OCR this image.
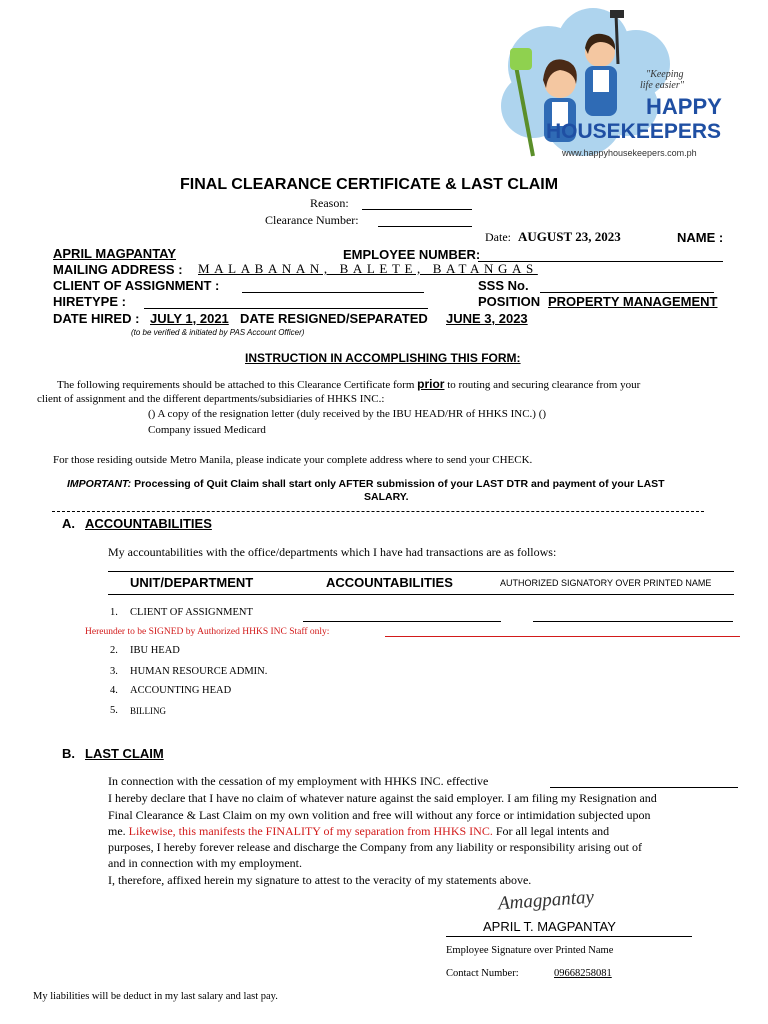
"Keeping
life easier"
HAPPY
HOUSEKEEPERS
www.happyhousekeepers.com.ph
FINAL CLEARANCE CERTIFICATE & LAST CLAIM
Reason:
Clearance Number:
Date: AUGUST 23, 2023	NAME :
APRIL MAGPANTAY	EMPLOYEE NUMBER:
MAILING ADDRESS : MALABANAN, BALETE, BATANGAS
CLIENT OF ASSIGNMENT :	SSS No.
HIRETYPE :	POSITION PROPERTY MANAGEMENT
DATE HIRED : JULY 1, 2021 DATE RESIGNED/SEPARATED JUNE 3, 2023
(to be verified & initiated by PAS Account Officer)
INSTRUCTION IN ACCOMPLISHING THIS FORM:
The following requirements should be attached to this Clearance Certificate form prior to routing and securing clearance from your
client of assignment and the different departments/subsidiaries of HHKS INC.:
() A copy of the resignation letter (duly received by the IBU HEAD/HR of HHKS INC.) ()
Company issued Medicard
For those residing outside Metro Manila, please indicate your complete address where to send your CHECK.
IMPORTANT: Processing of Quit Claim shall start only AFTER submission of your LAST DTR and payment of your LAST
SALARY.
A. ACCOUNTABILITIES
My accountabilities with the office/departments which I have had transactions are as follows:
UNIT/DEPARTMENT	ACCOUNTABILITIES	AUTHORIZED SIGNATORY OVER PRINTED NAME
1. CLIENT OF ASSIGNMENT
Hereunder to be SIGNED by Authorized HHKS INC Staff only:
2. IBU HEAD
3. HUMAN RESOURCE ADMIN.
4. ACCOUNTING HEAD
5. BILLING
B. LAST CLAIM
In connection with the cessation of my employment with HHKS INC. effective
I hereby declare that I have no claim of whatever nature against the said employer. I am filing my Resignation and
Final Clearance & Last Claim on my own volition and free will without any force or intimidation subjected upon
me. Likewise, this manifests the FINALITY of my separation from HHKS INC. For all legal intents and
purposes, I hereby forever release and discharge the Company from any liability or responsibility arising out of
and in connection with my employment.
I, therefore, affixed herein my signature to attest to the veracity of my statements above.
Amagpantay
APRIL T. MAGPANTAY
Employee Signature over Printed Name
Contact Number:	09668258081
My liabilities will be deduct in my last salary and last pay.
